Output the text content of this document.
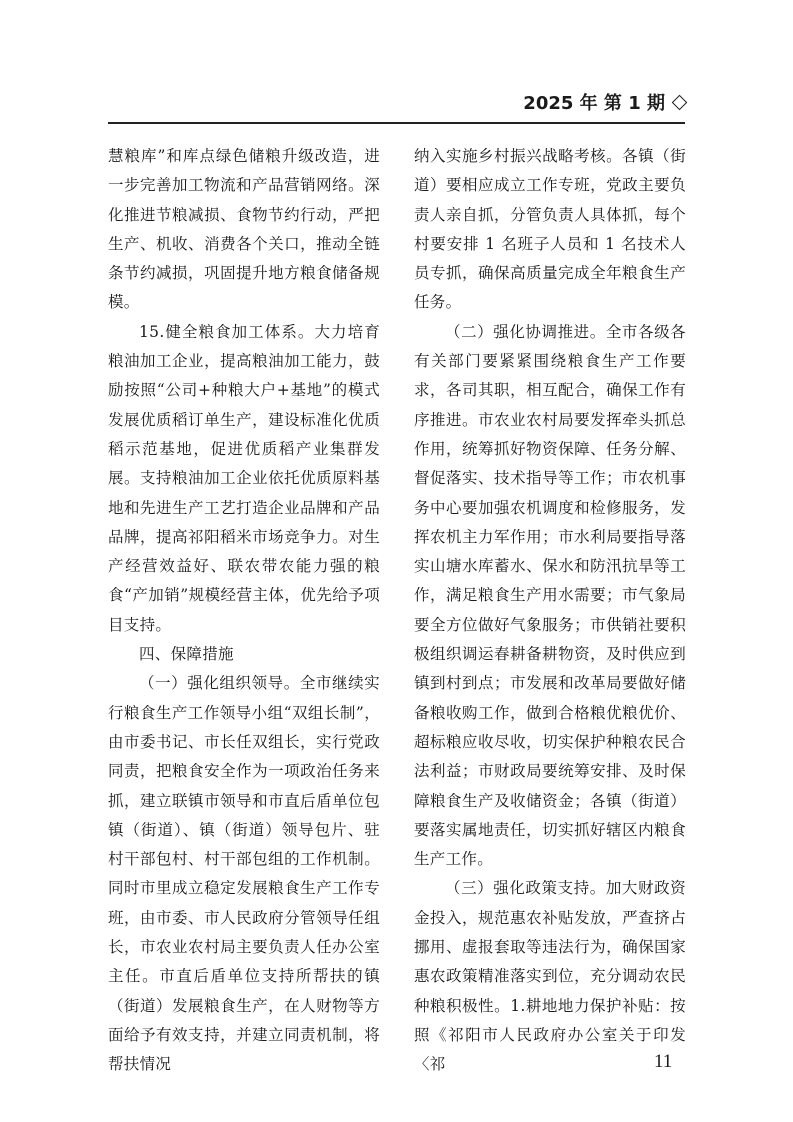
2025 年 第 1 期

慧粮库”和库点绿色储粮升级改造，进一步完善加工物流和产品营销网络。深化推进节粮减损、食物节约行动，严把生产、机收、消费各个关口，推动全链条节约减损，巩固提升地方粮食储备规模。

15.健全粮食加工体系。大力培育粮油加工企业，提高粮油加工能力，鼓励按照“公司+种粮大户+基地”的模式发展优质稻订单生产，建设标准化优质稻示范基地，促进优质稻产业集群发展。支持粮油加工企业依托优质原料基地和先进生产工艺打造企业品牌和产品品牌，提高祁阳稻米市场竞争力。对生产经营效益好、联农带农能力强的粮食“产加销”规模经营主体，优先给予项目支持。

四、保障措施

（一）强化组织领导。全市继续实行粮食生产工作领导小组“双组长制”，由市委书记、市长任双组长，实行党政同责，把粮食安全作为一项政治任务来抓，建立联镇市领导和市直后盾单位包镇（街道）、镇（街道）领导包片、驻村干部包村、村干部包组的工作机制。同时市里成立稳定发展粮食生产工作专班，由市委、市人民政府分管领导任组长，市农业农村局主要负责人任办公室主任。市直后盾单位支持所帮扶的镇（街道）发展粮食生产，在人财物等方面给予有效支持，并建立同责机制，将帮扶情况

纳入实施乡村振兴战略考核。各镇（街道）要相应成立工作专班，党政主要负责人亲自抓，分管负责人具体抓，每个村要安排 1 名班子人员和 1 名技术人员专抓，确保高质量完成全年粮食生产任务。

（二）强化协调推进。全市各级各有关部门要紧紧围绕粮食生产工作要求，各司其职，相互配合，确保工作有序推进。市农业农村局要发挥牵头抓总作用，统筹抓好物资保障、任务分解、督促落实、技术指导等工作；市农机事务中心要加强农机调度和检修服务，发挥农机主力军作用；市水利局要指导落实山塘水库蓄水、保水和防汛抗旱等工作，满足粮食生产用水需要；市气象局要全方位做好气象服务；市供销社要积极组织调运春耕备耕物资，及时供应到镇到村到点；市发展和改革局要做好储备粮收购工作，做到合格粮优粮优价、超标粮应收尽收，切实保护种粮农民合法利益；市财政局要统筹安排、及时保障粮食生产及收储资金；各镇（街道）要落实属地责任，切实抓好辖区内粮食生产工作。

（三）强化政策支持。加大财政资金投入，规范惠农补贴发放，严查挤占挪用、虚报套取等违法行为，确保国家惠农政策精准落实到位，充分调动农民种粮积极性。1.耕地地力保护补贴：按照《祁阳市人民政府办公室关于印发〈祁	11
